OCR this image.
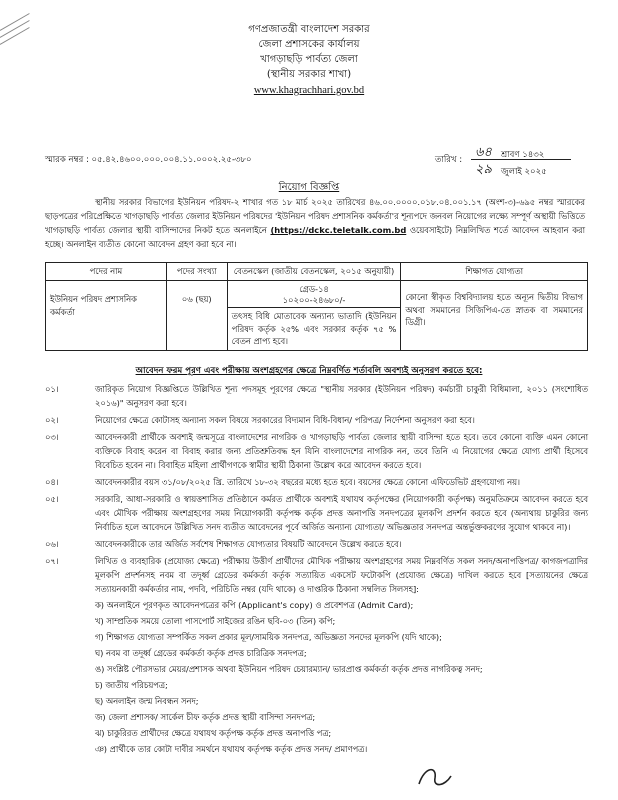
গণপ্রজাতন্ত্রী বাংলাদেশ সরকার
জেলা প্রশাসকের কার্যালয়
খাগড়াছড়ি পার্বত্য জেলা
(স্থানীয় সরকার শাখা)
www.khagrachhari.gov.bd
স্মারক নম্বর : ০৫.৪২.৪৬০০.০০০.০০৪.১১.০০০২.২৫-৩৮০	তারিখ : ৬৪ শ্রাবণ ১৪৩২
২৯ জুলাই ২০২৫
নিয়োগ বিজ্ঞপ্তি
স্থানীয় সরকার বিভাগের ইউনিয়ন পরিষদ-২ শাখার গত ১৮ মার্চ ২০২৫ তারিখের ৪৬.০০.০০০০.০১৮.০৪.০০১.১৭ (অংশ-৩)-৬৯৫ নম্বর স্মারকের ছাড়পত্রের পরিপ্রেক্ষিতে খাগড়াছড়ি পার্বত্য জেলার ইউনিয়ন পরিষদের 'ইউনিয়ন পরিষদ প্রশাসনিক কর্মকর্তা'র শূন্যপদে জনবল নিয়োগের লক্ষ্যে সম্পূর্ণ অস্থায়ী ভিত্তিতে খাগড়াছড়ি পার্বত্য জেলার স্থায়ী বাসিন্দাদের নিকট হতে অনলাইনে (https://dckc.teletalk.com.bd ওয়েবসাইটে) নিম্নলিখিত শর্তে আবেদন আহবান করা হচ্ছে। অনলাইন ব্যতীত কোনো আবেদন গ্রহণ করা হবে না।
পদের নাম	পদের সংখ্যা	বেতনস্কেল (জাতীয় বেতনস্কেল, ২০১৫ অনুযায়ী)	শিক্ষাগত যোগ্যতা
ইউনিয়ন পরিষদ প্রশাসনিক কর্মকর্তা	০৬ (ছয়)	গ্রেড-১৪
১০২০০-২৪৬৮০/-
তৎসহ বিধি মোতাবেক অন্যান্য ভাতাদি (ইউনিয়ন পরিষদ কর্তৃক ২৫% এবং সরকার কর্তৃক ৭৫ % বেতন প্রাপ্য হবে।	কোনো স্বীকৃত বিশ্ববিদ্যালয় হতে অন্যূন দ্বিতীয় বিভাগ অথবা সমমানের সিজিপিএ-তে স্নাতক বা সমমানের ডিগ্রী।
আবেদন ফরম পূরণ এবং পরীক্ষায় অংশগ্রহণের ক্ষেত্রে নিম্নবর্ণিত শর্তাবলি অবশ্যই অনুসরণ করতে হবে:
০১।	জারিকৃত নিয়োগ বিজ্ঞপ্তিতে উল্লিখিত শূন্য পদসমূহ পূরণের ক্ষেত্রে "স্থানীয় সরকার (ইউনিয়ন পরিষদ) কর্মচারী চাকুরী বিধিমালা, ২০১১ (সংশোধিত ২০১৬)" অনুসরণ করা হবে।
০২।	নিয়োগের ক্ষেত্রে কোটাসহ অন্যান্য সকল বিষয়ে সরকারের বিদ্যমান বিধি-বিধান/ পরিপত্র/ নির্দেশনা অনুসরণ করা হবে।
০৩।	আবেদনকারী প্রার্থীকে অবশ্যই জন্মসূত্রে বাংলাদেশের নাগরিক ও খাগড়াছড়ি পার্বত্য জেলার স্থায়ী বাসিন্দা হতে হবে। তবে কোনো ব্যক্তি এমন কোনো ব্যক্তিকে বিবাহ করেন বা বিবাহ করার জন্য প্রতিশ্রুতিবদ্ধ হন যিনি বাংলাদেশের নাগরিক নন, তবে তিনি এ নিয়োগের ক্ষেত্রে যোগ্য প্রার্থী হিসেবে বিবেচিত হবেন না। বিবাহিত মহিলা প্রার্থীগণকে স্বামীর স্থায়ী ঠিকানা উল্লেখ করে আবেদন করতে হবে।
০৪।	আবেদনকারীর বয়স ৩১/০৮/২০২৫ খ্রি. তারিখে ১৮-৩২ বছরের মধ্যে হতে হবে। বয়সের ক্ষেত্রে কোনো এফিডেভিট গ্রহণযোগ্য নয়।
০৫।	সরকারি, আধা-সরকারি ও স্বায়ত্তশাসিত প্রতিষ্ঠানে কর্মরত প্রার্থীকে অবশ্যই যথাযথ কর্তৃপক্ষের (নিয়োগকারী কর্তৃপক্ষ) অনুমতিক্রমে আবেদন করতে হবে এবং মৌখিক পরীক্ষায় অংশগ্রহণের সময় নিয়োগকারী কর্তৃপক্ষ কর্তৃক প্রদত্ত অনাপত্তি সনদপত্রের মূলকপি প্রদর্শন করতে হবে (অন্যথায় চাকুরির জন্য নির্বাচিত হলে আবেদনে উল্লিখিত সনদ ব্যতীত আবেদনের পূর্বে অর্জিত অন্যান্য যোগ্যতা/ অভিজ্ঞতার সনদপত্র অন্তর্ভুক্তকরণের সুযোগ থাকবে না)।
০৬।	আবেদনকারীকে তার অর্জিত সর্বশেষ শিক্ষাগত যোগ্যতার বিষয়টি আবেদনে উল্লেখ করতে হবে।
০৭।	লিখিত ও ব্যবহারিক (প্রযোজ্য ক্ষেত্রে) পরীক্ষায় উত্তীর্ণ প্রার্থীদের মৌখিক পরীক্ষায় অংশগ্রহণের সময় নিম্নবর্ণিত সকল সনদ/অনাপত্তিপত্র/ কাগজপত্রাদির মূলকপি প্রদর্শনসহ নবম বা তদূর্ধ্ব গ্রেডের কর্মকর্তা কর্তৃক সত্যায়িত একসেট ফটোকপি (প্রযোজ্য ক্ষেত্রে) দাখিল করতে হবে [সত্যায়নের ক্ষেত্রে সত্যায়নকারী কর্মকর্তার নাম, পদবি, পরিচিতি নম্বর (যদি থাকে) ও দাপ্তরিক ঠিকানা সম্বলিত সিলসহ]:
ক) অনলাইনে পূরণকৃত আবেদনপত্রের কপি (Applicant's copy) ও প্রবেশপত্র (Admit Card);
খ) সাম্প্রতিক সময়ে তোলা পাসপোর্ট সাইজের রঙিন ছবি-০৩ (তিন) কপি;
গ) শিক্ষাগত যোগ্যতা সম্পর্কিত সকল প্রকার মূল/সাময়িক সনদপত্র, অভিজ্ঞতা সনদের মূলকপি (যদি থাকে);
ঘ) নবম বা তদূর্ধ্ব গ্রেডের কর্মকর্তা কর্তৃক প্রদত্ত চারিত্রিক সনদপত্র;
ঙ) সংশ্লিষ্ট পৌরসভার মেয়র/প্রশাসক অথবা ইউনিয়ন পরিষদ চেয়ারম্যান/ ভারপ্রাপ্ত কর্মকর্তা কর্তৃক প্রদত্ত নাগরিকত্ব সনদ;
চ) জাতীয় পরিচয়পত্র;
ছ) অনলাইন জন্ম নিবন্ধন সনদ;
জ) জেলা প্রশাসক/ সার্কেল চীফ কর্তৃক প্রদত্ত স্থায়ী বাসিন্দা সনদপত্র;
ঝ) চাকুরিরত প্রার্থীদের ক্ষেত্রে যথাযথ কর্তৃপক্ষ কর্তৃক প্রদত্ত অনাপত্তি পত্র;
ঞ) প্রার্থীকে তার কোটা দাবীর সমর্থনে যথাযথ কর্তৃপক্ষ কর্তৃক প্রদত্ত সনদ/ প্রমাণপত্র।
